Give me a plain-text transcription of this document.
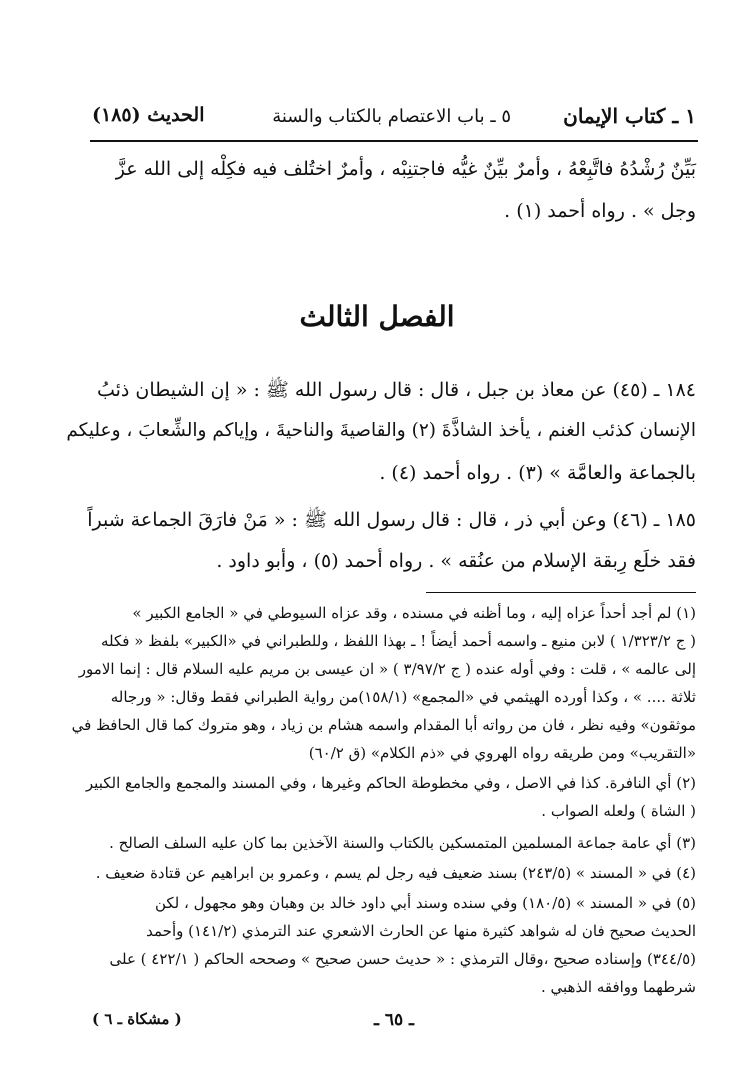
١ ـ كتاب الإيمان
٥ ـ باب الاعتصام بالكتاب والسنة
الحديث (١٨٥)
بَيِّنٌ رُشْدُهُ فاتَّبِعْهُ ، وأمرٌ بيِّنٌ غيُّه فاجتنِبْه ، وأمرٌ اختُلف فيه فكِلْه إلى الله عزَّ
وجل » . رواه أحمد (١) .
الفصل الثالث
١٨٤ ـ (٤٥) عن معاذ بن جبل ، قال : قال رسول الله ﷺ : « إن الشيطان ذئبُ
الإنسان كذئب الغنم ، يأخذ الشاذَّةَ (٢) والقاصيةَ والناحيةَ ، وإياكم والشِّعابَ ، وعليكم
بالجماعة والعامَّة » (٣) . رواه أحمد (٤) .
١٨٥ ـ (٤٦) وعن أبي ذر ، قال : قال رسول الله ﷺ : « مَنْ فارَقَ الجماعة شبراً
فقد خلَع رِبقة الإسلام من عنُقه » . رواه أحمد (٥) ، وأبو داود .
(١) لم أجد أحداً عزاه إليه ، وما أظنه في مسنده ، وقد عزاه السيوطي في « الجامع الكبير »
( ج ١/٣٢٣/٢ ) لابن منيع ـ واسمه أحمد أيضاً ! ـ بهذا اللفظ ، وللطبراني في «الكبير» بلفظ « فكله
إلى عالمه » ، قلت : وفي أوله عنده ( ج ٣/٩٧/٢ ) « ان عيسى بن مريم عليه السلام قال : إنما الامور
ثلاثة .... » ، وكذا أورده الهيثمي في «المجمع» (١٥٨/١)من رواية الطبراني فقط وقال: « ورجاله
موثقون» وفيه نظر ، فان من رواته أبا المقدام واسمه هشام بن زياد ، وهو متروك كما قال الحافظ في
«التقريب» ومن طريقه رواه الهروي في «ذم الكلام» (ق ٦٠/٢)
(٢) أي النافرة. كذا في الاصل ، وفي مخطوطة الحاكم وغيرها ، وفي المسند والمجمع والجامع الكبير
( الشاة ) ولعله الصواب .
(٣) أي عامة جماعة المسلمين المتمسكين بالكتاب والسنة الآخذين بما كان عليه السلف الصالح .
(٤) في « المسند » (٢٤٣/٥) بسند ضعيف فيه رجل لم يسم ، وعمرو بن ابراهيم عن قتادة ضعيف .
(٥) في « المسند » (١٨٠/٥) وفي سنده وسند أبي داود خالد بن وهبان وهو مجهول ، لكن
الحديث صحيح فان له شواهد كثيرة منها عن الحارث الاشعري عند الترمذي (١٤١/٢) وأحمد
(٣٤٤/٥) وإسناده صحيح ،وقال الترمذي : « حديث حسن صحيح » وصححه الحاكم ( ٤٢٢/١ ) على
شرطهما ووافقه الذهبي .
ـ ٦٥ ـ
( مشكاة ـ ٦ )
